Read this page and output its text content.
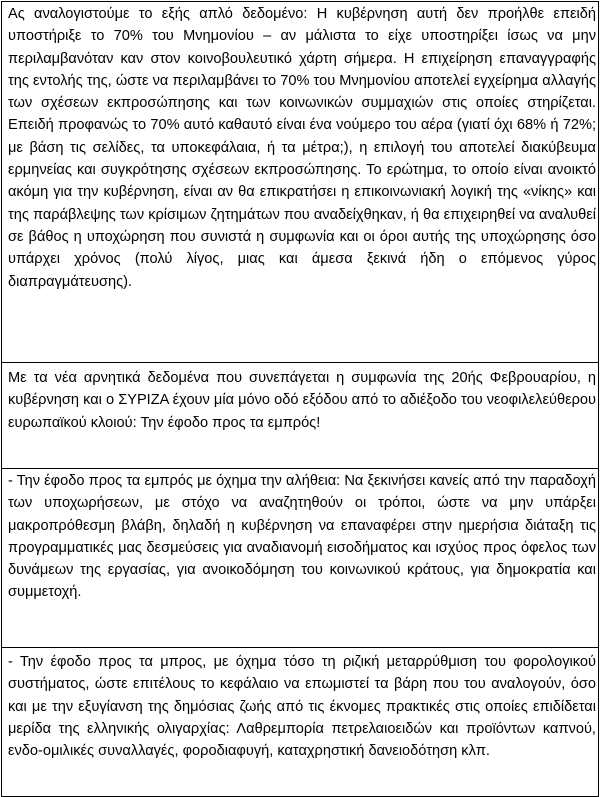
Ας αναλογιστούμε το εξής απλό δεδομένο: Η κυβέρνηση αυτή δεν προήλθε επειδή υποστήριξε το 70% του Μνημονίου – αν μάλιστα το είχε υποστηρίξει ίσως να μην περιλαμβανόταν καν στον κοινοβουλευτικό χάρτη σήμερα. Η επιχείρηση επαναγγραφής της εντολής της, ώστε να περιλαμβάνει το 70% του Μνημονίου αποτελεί εγχείρημα αλλαγής των σχέσεων εκπροσώπησης και των κοινωνικών συμμαχιών στις οποίες στηρίζεται. Επειδή προφανώς το 70% αυτό καθαυτό είναι ένα νούμερο του αέρα (γιατί όχι 68% ή 72%; με βάση τις σελίδες, τα υποκεφάλαια, ή τα μέτρα;), η επιλογή του αποτελεί διακύβευμα ερμηνείας και συγκρότησης σχέσεων εκπροσώπησης. Το ερώτημα, το οποίο είναι ανοικτό ακόμη για την κυβέρνηση, είναι αν θα επικρατήσει η επικοινωνιακή λογική της «νίκης» και της παράβλεψης των κρίσιμων ζητημάτων που αναδείχθηκαν, ή θα επιχειρηθεί να αναλυθεί σε βάθος η υποχώρηση που συνιστά η συμφωνία και οι όροι αυτής της υποχώρησης όσο υπάρχει χρόνος (πολύ λίγος, μιας και άμεσα ξεκινά ήδη ο επόμενος γύρος διαπραγμάτευσης).

Με τα νέα αρνητικά δεδομένα που συνεπάγεται η συμφωνία της 20ής Φεβρουαρίου, η κυβέρνηση και ο ΣΥΡΙΖΑ έχουν μία μόνο οδό εξόδου από το αδιέξοδο του νεοφιλελεύθερου ευρωπαϊκού κλοιού: Την έφοδο προς τα εμπρός!

- Την έφοδο προς τα εμπρός με όχημα την αλήθεια: Να ξεκινήσει κανείς από την παραδοχή των υποχωρήσεων, με στόχο να αναζητηθούν οι τρόποι, ώστε να μην υπάρξει μακροπρόθεσμη βλάβη, δηλαδή η κυβέρνηση να επαναφέρει στην ημερήσια διάταξη τις προγραμματικές μας δεσμεύσεις για αναδιανομή εισοδήματος και ισχύος προς όφελος των δυνάμεων της εργασίας, για ανοικοδόμηση του κοινωνικού κράτους, για δημοκρατία και συμμετοχή.

- Την έφοδο προς τα μπρος, με όχημα τόσο τη ριζική μεταρρύθμιση του φορολογικού συστήματος, ώστε επιτέλους το κεφάλαιο να επωμιστεί τα βάρη που του αναλογούν, όσο και με την εξυγίανση της δημόσιας ζωής από τις έκνομες πρακτικές στις οποίες επιδίδεται μερίδα της ελληνικής ολιγαρχίας: Λαθρεμπορία πετρελαιοειδών και προϊόντων καπνού, ενδο-ομιλικές συναλλαγές, φοροδιαφυγή, καταχρηστική δανειοδότηση κλπ.
